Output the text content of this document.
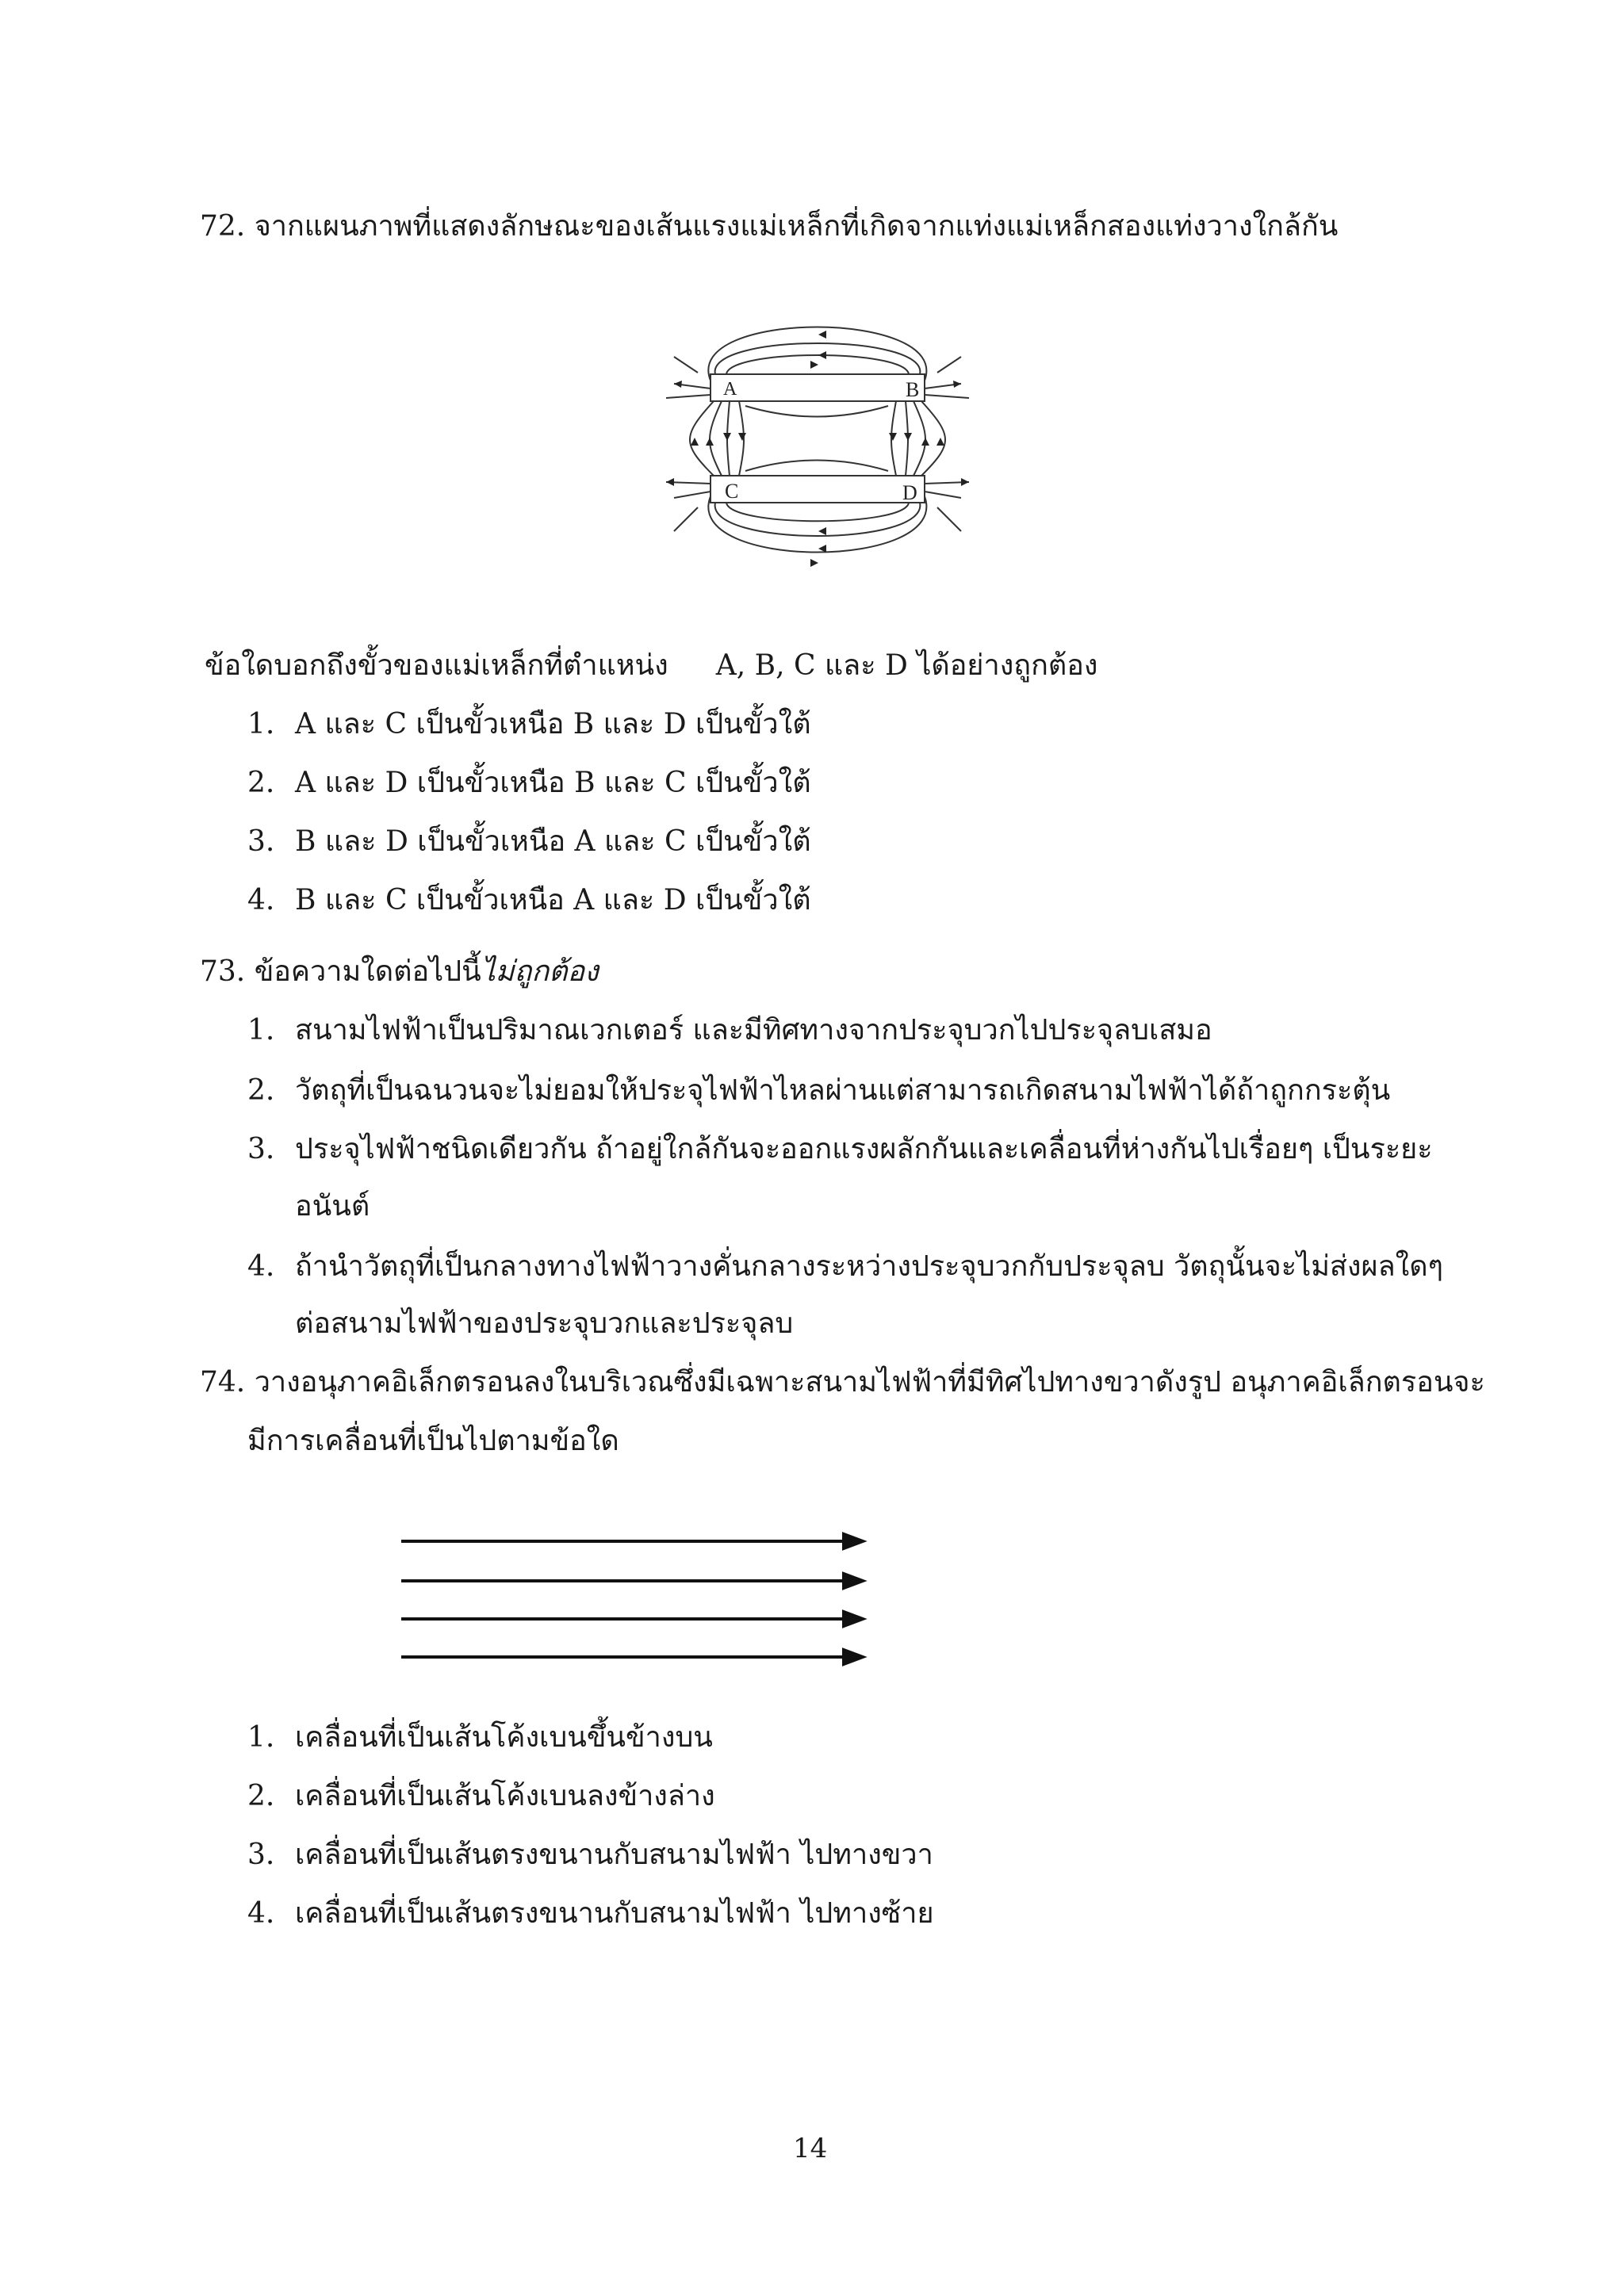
72. จากแผนภาพที่แสดงลักษณะของเส้นแรงแม่เหล็กที่เกิดจากแท่งแม่เหล็กสองแท่งวางใกล้กัน
A	B
C	D
ข้อใดบอกถึงขั้วของแม่เหล็กที่ตำแหน่ง A, B, C และ D ได้อย่างถูกต้อง
1. A และ C เป็นขั้วเหนือ B และ D เป็นขั้วใต้
2. A และ D เป็นขั้วเหนือ B และ C เป็นขั้วใต้
3. B และ D เป็นขั้วเหนือ A และ C เป็นขั้วใต้
4. B และ C เป็นขั้วเหนือ A และ D เป็นขั้วใต้
73. ข้อความใดต่อไปนี้ไม่ถูกต้อง
1. สนามไฟฟ้าเป็นปริมาณเวกเตอร์ และมีทิศทางจากประจุบวกไปประจุลบเสมอ
2. วัตถุที่เป็นฉนวนจะไม่ยอมให้ประจุไฟฟ้าไหลผ่านแต่สามารถเกิดสนามไฟฟ้าได้ถ้าถูกกระตุ้น
3. ประจุไฟฟ้าชนิดเดียวกัน ถ้าอยู่ใกล้กันจะออกแรงผลักกันและเคลื่อนที่ห่างกันไปเรื่อยๆ เป็นระยะ
อนันต์
4. ถ้านำวัตถุที่เป็นกลางทางไฟฟ้าวางคั่นกลางระหว่างประจุบวกกับประจุลบ วัตถุนั้นจะไม่ส่งผลใดๆ
ต่อสนามไฟฟ้าของประจุบวกและประจุลบ
74. วางอนุภาคอิเล็กตรอนลงในบริเวณซึ่งมีเฉพาะสนามไฟฟ้าที่มีทิศไปทางขวาดังรูป อนุภาคอิเล็กตรอนจะ
มีการเคลื่อนที่เป็นไปตามข้อใด
1. เคลื่อนที่เป็นเส้นโค้งเบนขึ้นข้างบน
2. เคลื่อนที่เป็นเส้นโค้งเบนลงข้างล่าง
3. เคลื่อนที่เป็นเส้นตรงขนานกับสนามไฟฟ้า ไปทางขวา
4. เคลื่อนที่เป็นเส้นตรงขนานกับสนามไฟฟ้า ไปทางซ้าย
14
